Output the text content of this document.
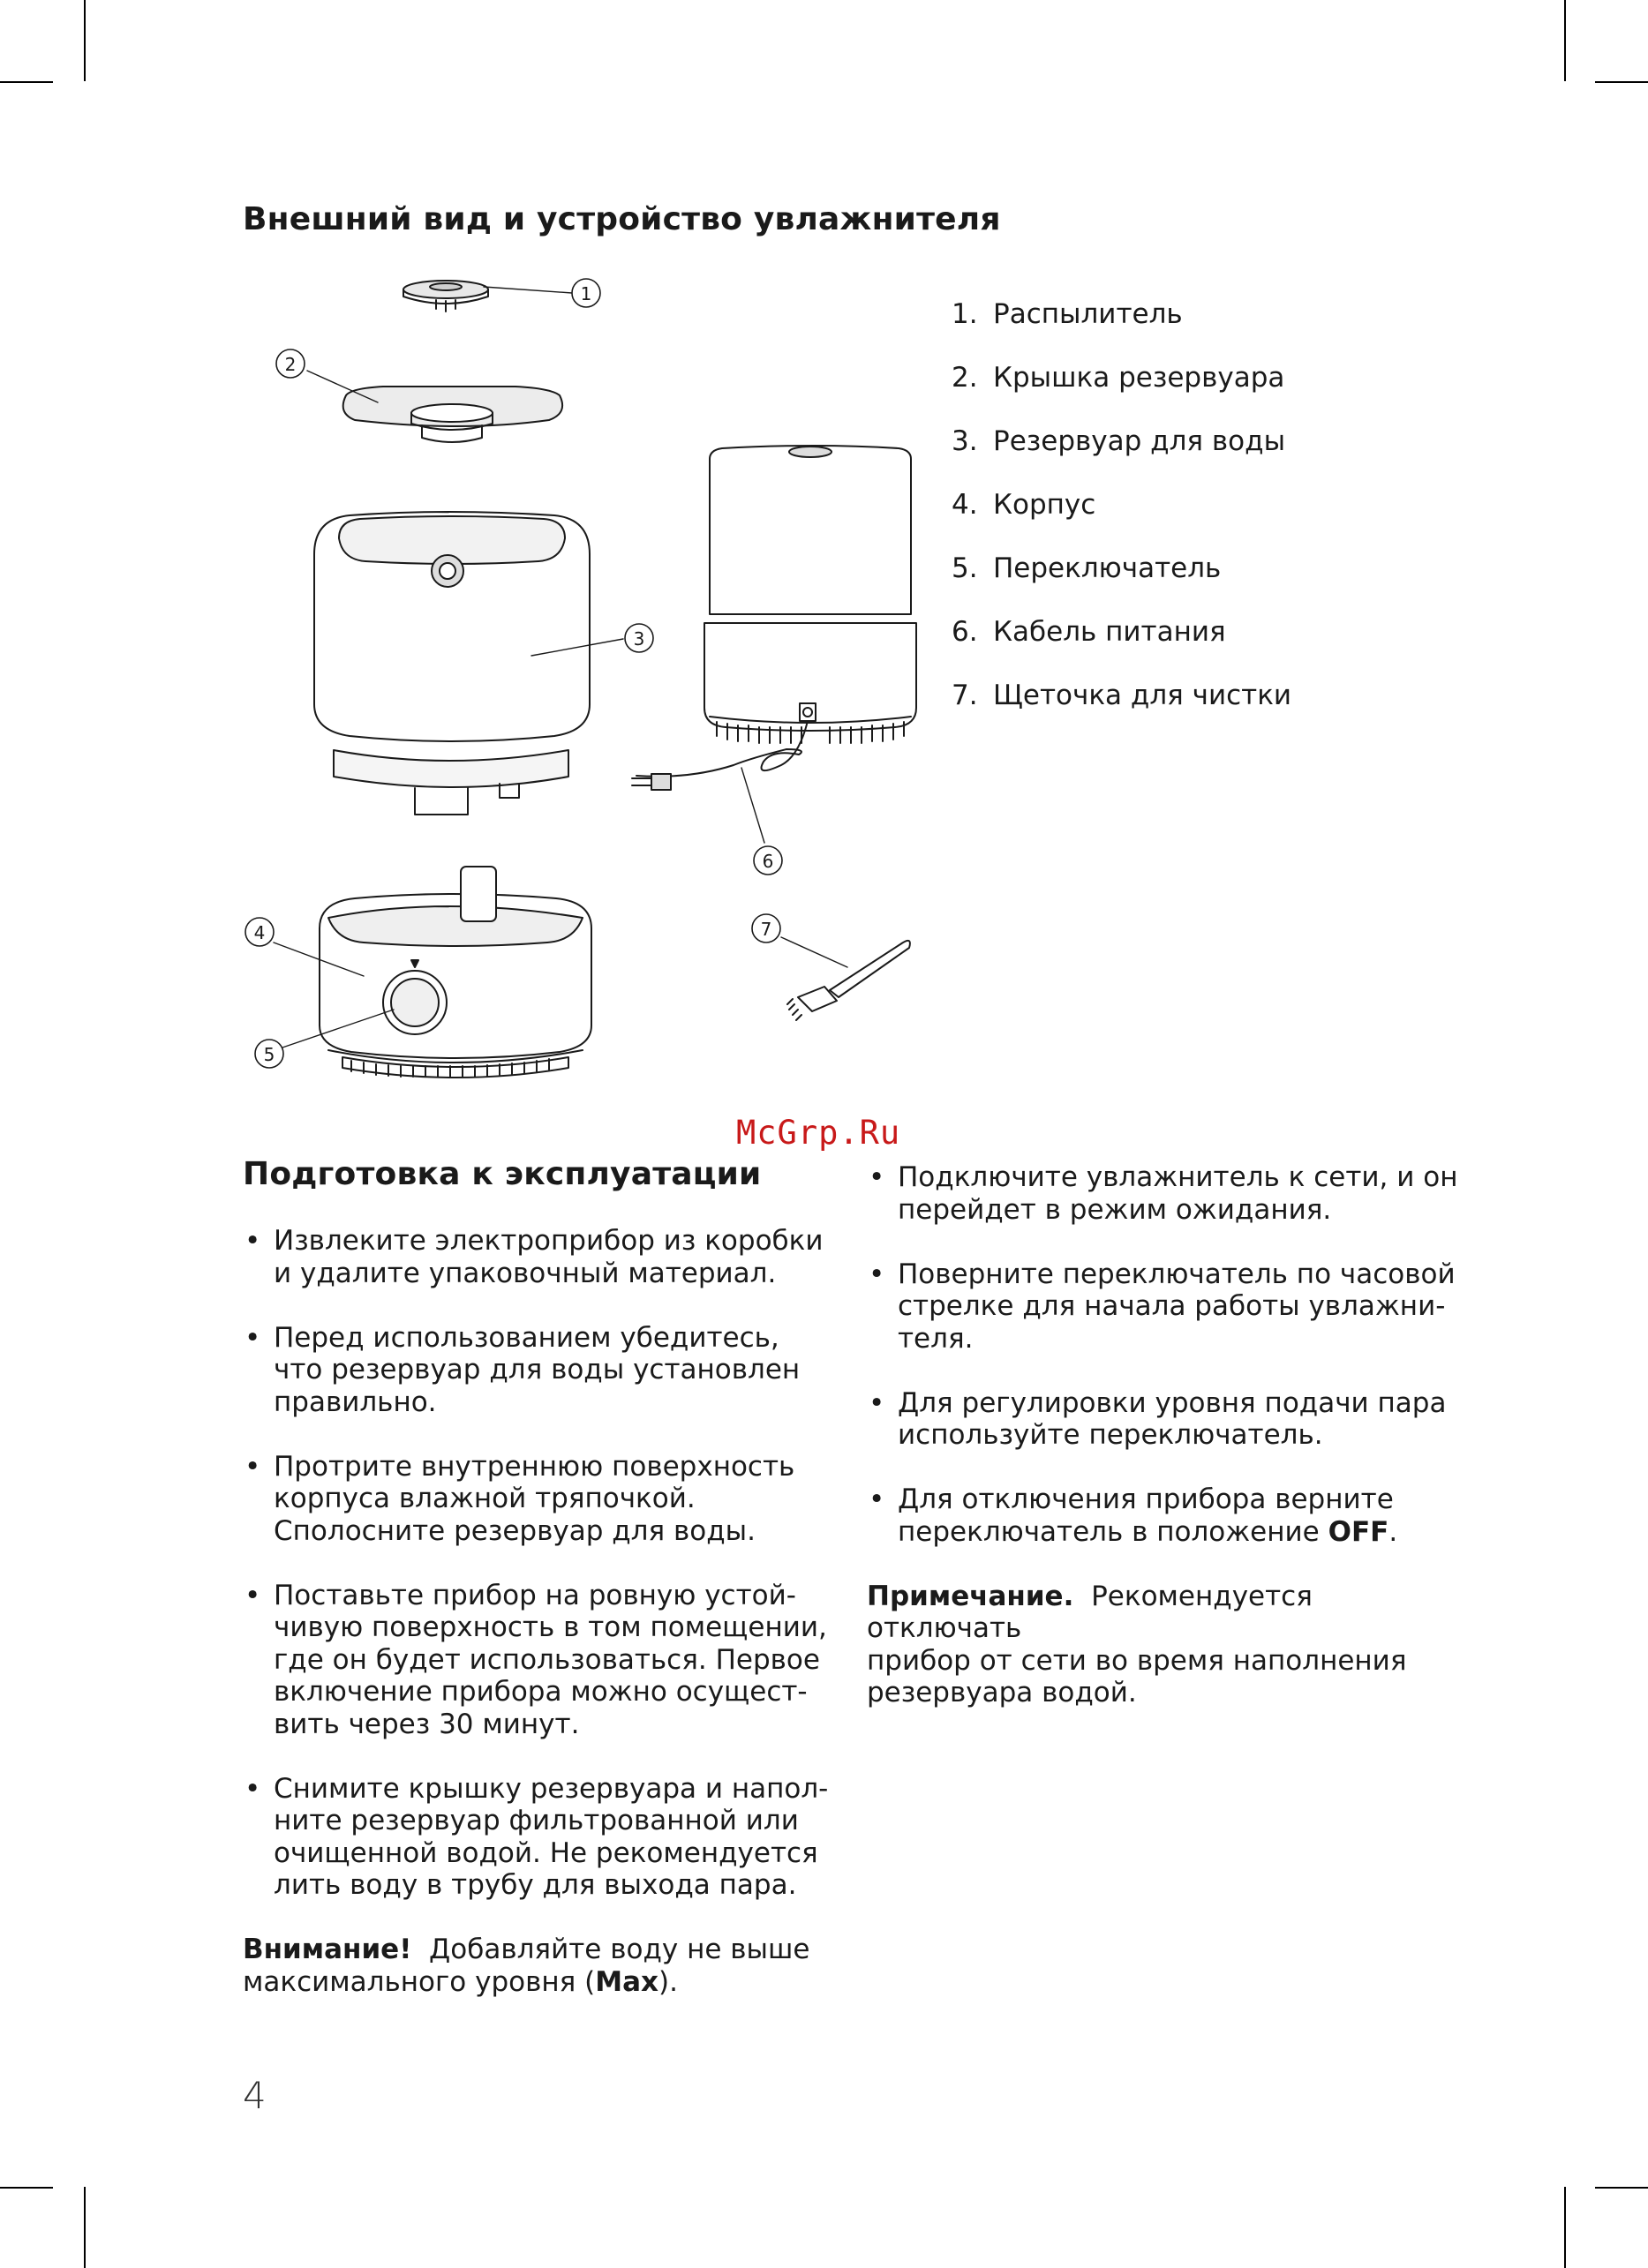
Внешний вид и устройство увлажнителя
1
2
3
4
5
6
7
1. Распылитель
2. Крышка резервуара
3. Резервуар для воды
4. Корпус
5. Переключатель
6. Кабель питания
7. Щеточка для чистки
McGrp.Ru
Подготовка к эксплуатации
• Извлеките электроприбор из коробки
и удалите упаковочный материал.
• Перед использованием убедитесь,
что резервуар для воды установлен
правильно.
• Протрите внутреннюю поверхность
корпуса влажной тряпочкой.
Сполосните резервуар для воды.
• Поставьте прибор на ровную устой-
чивую поверхность в том помещении,
где он будет использоваться. Первое
включение прибора можно осущест-
вить через 30 минут.
• Снимите крышку резервуара и напол-
ните резервуар фильтрованной или
очищенной водой. Не рекомендуется
лить воду в трубу для выхода пара.
Внимание! Добавляйте воду не выше
максимального уровня (Max).
• Подключите увлажнитель к сети, и он
перейдет в режим ожидания.
• Поверните переключатель по часовой
стрелке для начала работы увлажни-
теля.
• Для регулировки уровня подачи пара
используйте переключатель.
• Для отключения прибора верните
переключатель в положение OFF.
Примечание. Рекомендуется отключать
прибор от сети во время наполнения
резервуара водой.
4
